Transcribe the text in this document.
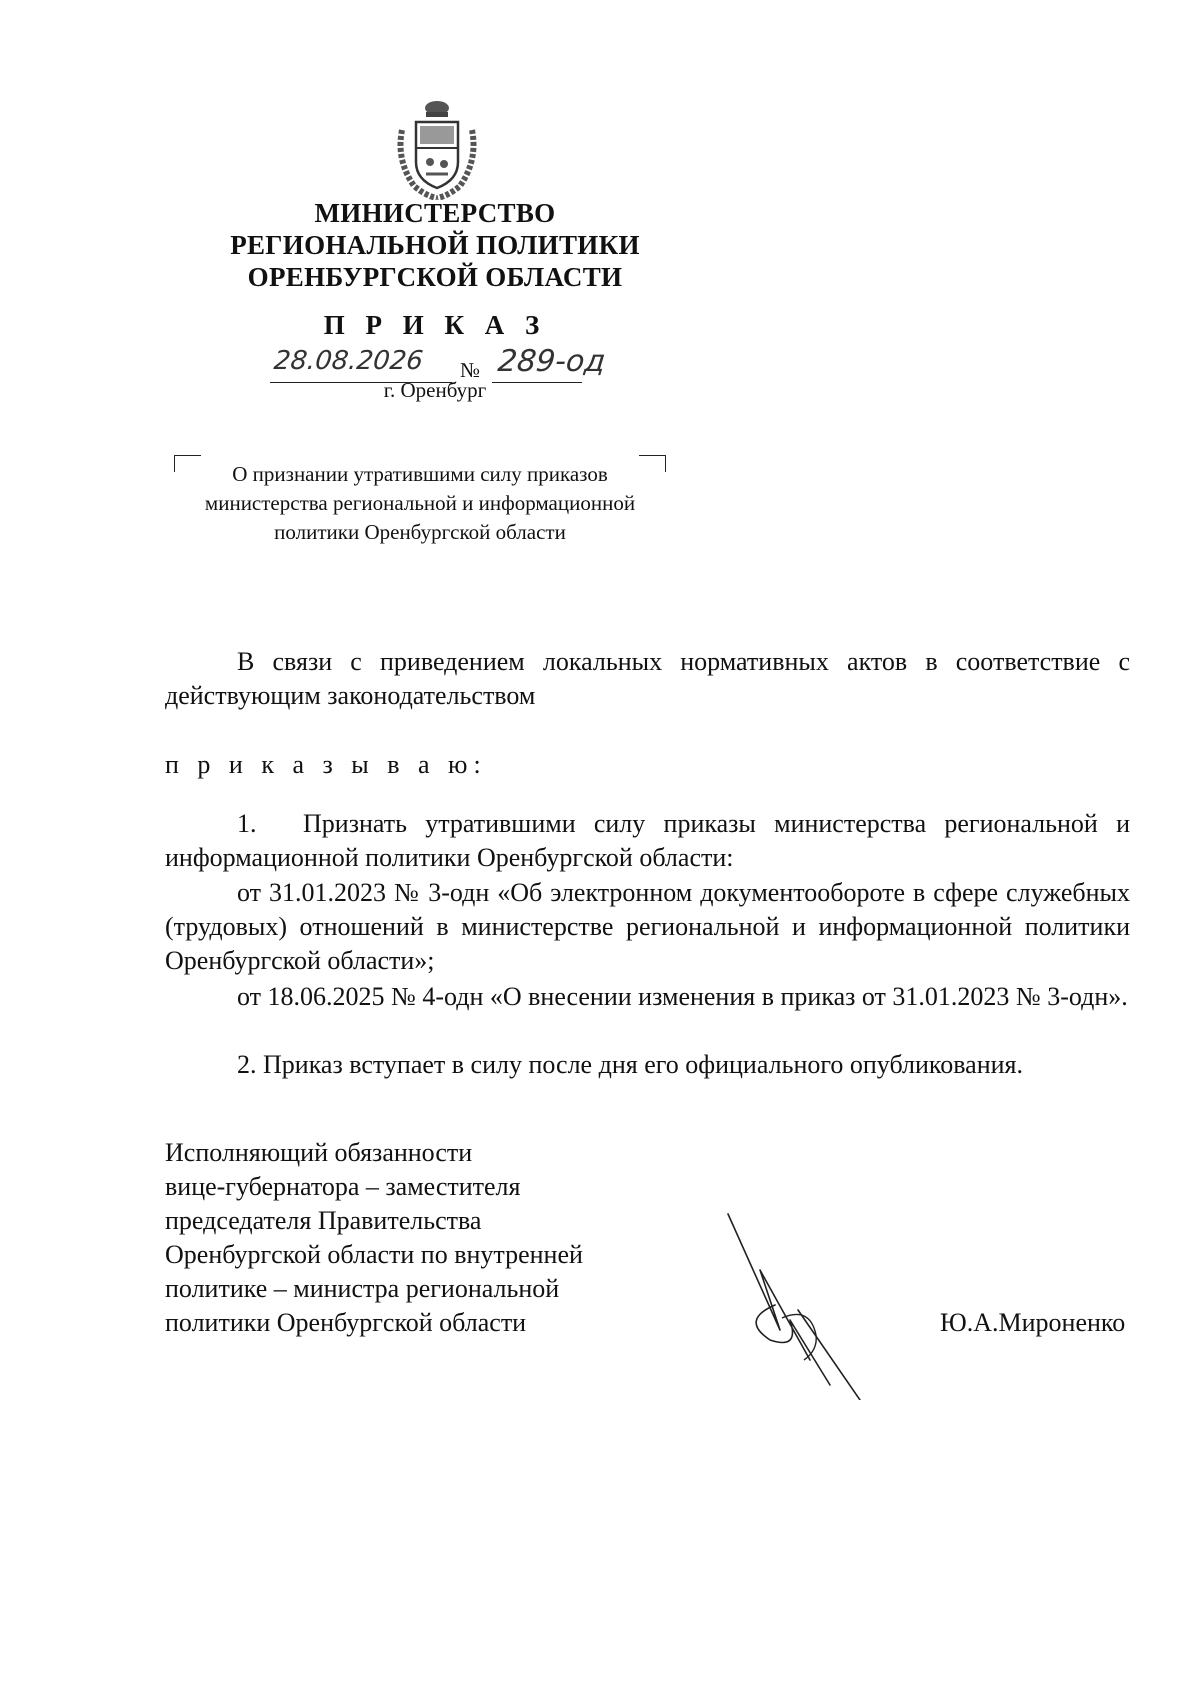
МИНИСТЕРСТВО
РЕГИОНАЛЬНОЙ ПОЛИТИКИ
ОРЕНБУРГСКОЙ ОБЛАСТИ
П Р И К А З
28.08.2026 № 289-од
г. Оренбург
О признании утратившими силу приказов
министерства региональной и информационной
политики Оренбургской области
В связи с приведением локальных нормативных актов в соответствие с действующим законодательством
п р и к а з ы в а ю:
1. Признать утратившими силу приказы министерства региональной и информационной политики Оренбургской области:
от 31.01.2023 № 3-одн «Об электронном документообороте в сфере служебных (трудовых) отношений в министерстве региональной и информационной политики Оренбургской области»;
от 18.06.2025 № 4-одн «О внесении изменения в приказ от 31.01.2023 № 3-одн».
2. Приказ вступает в силу после дня его официального опубликования.
Исполняющий обязанности
вице-губернатора – заместителя
председателя Правительства
Оренбургской области по внутренней
политике – министра региональной
политики Оренбургской области	Ю.А.Мироненко
